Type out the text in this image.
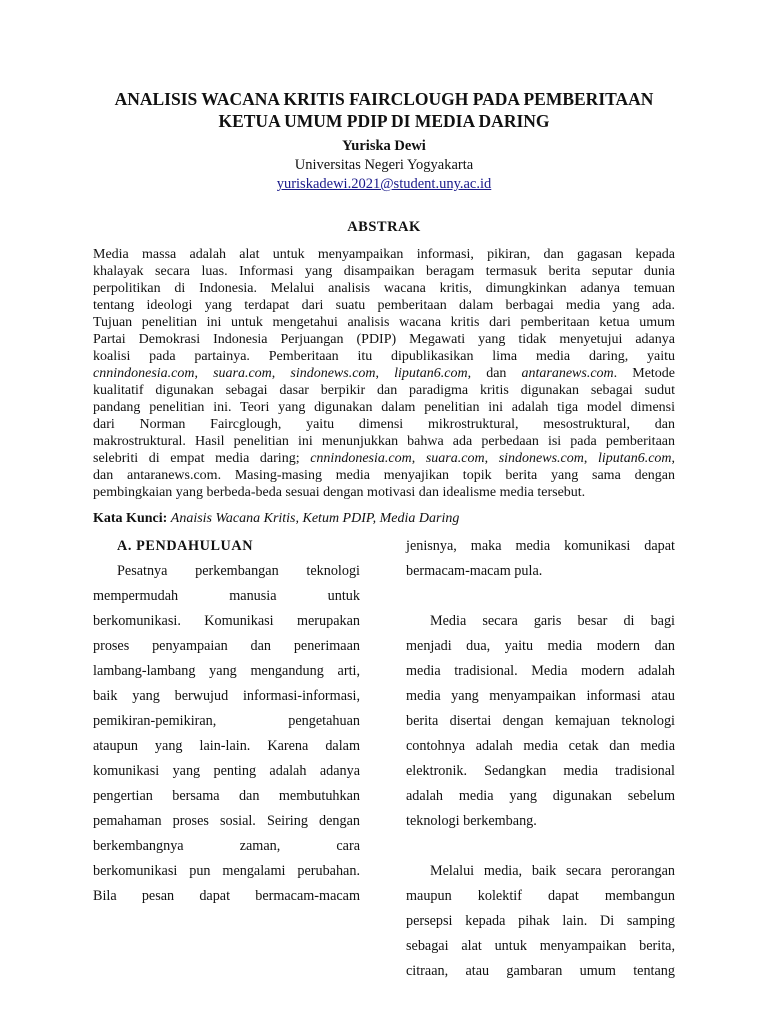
ANALISIS WACANA KRITIS FAIRCLOUGH PADA PEMBERITAAN
KETUA UMUM PDIP DI MEDIA DARING
Yuriska Dewi
Universitas Negeri Yogyakarta
yuriskadewi.2021@student.uny.ac.id
ABSTRAK
Media massa adalah alat untuk menyampaikan informasi, pikiran, dan gagasan kepada
khalayak secara luas. Informasi yang disampaikan beragam termasuk berita seputar dunia
perpolitikan di Indonesia. Melalui analisis wacana kritis, dimungkinkan adanya temuan
tentang ideologi yang terdapat dari suatu pemberitaan dalam berbagai media yang ada.
Tujuan penelitian ini untuk mengetahui analisis wacana kritis dari pemberitaan ketua umum
Partai Demokrasi Indonesia Perjuangan (PDIP) Megawati yang tidak menyetujui adanya
koalisi pada partainya. Pemberitaan itu dipublikasikan lima media daring, yaitu
cnnindonesia.com, suara.com, sindonews.com, liputan6.com, dan antaranews.com. Metode
kualitatif digunakan sebagai dasar berpikir dan paradigma kritis digunakan sebagai sudut
pandang penelitian ini. Teori yang digunakan dalam penelitian ini adalah tiga model dimensi
dari Norman Faircglough, yaitu dimensi mikrostruktural, mesostruktural, dan
makrostruktural. Hasil penelitian ini menunjukkan bahwa ada perbedaan isi pada pemberitaan
selebriti di empat media daring; cnnindonesia.com, suara.com, sindonews.com, liputan6.com,
dan antaranews.com. Masing-masing media menyajikan topik berita yang sama dengan
pembingkaian yang berbeda-beda sesuai dengan motivasi dan idealisme media tersebut.
Kata Kunci: Anaisis Wacana Kritis, Ketum PDIP, Media Daring
A. PENDAHULUAN
Pesatnya perkembangan teknologi
mempermudah manusia untuk
berkomunikasi. Komunikasi merupakan
proses penyampaian dan penerimaan
lambang-lambang yang mengandung arti,
baik yang berwujud informasi-informasi,
pemikiran-pemikiran, pengetahuan
ataupun yang lain-lain. Karena dalam
komunikasi yang penting adalah adanya
pengertian bersama dan membutuhkan
pemahaman proses sosial. Seiring dengan
berkembangnya zaman, cara
berkomunikasi pun mengalami perubahan.
Bila pesan dapat bermacam-macam
jenisnya, maka media komunikasi dapat
bermacam-macam pula.
Media secara garis besar di bagi
menjadi dua, yaitu media modern dan
media tradisional. Media modern adalah
media yang menyampaikan informasi atau
berita disertai dengan kemajuan teknologi
contohnya adalah media cetak dan media
elektronik. Sedangkan media tradisional
adalah media yang digunakan sebelum
teknologi berkembang.
Melalui media, baik secara perorangan
maupun kolektif dapat membangun
persepsi kepada pihak lain. Di samping
sebagai alat untuk menyampaikan berita,
citraan, atau gambaran umum tentang
